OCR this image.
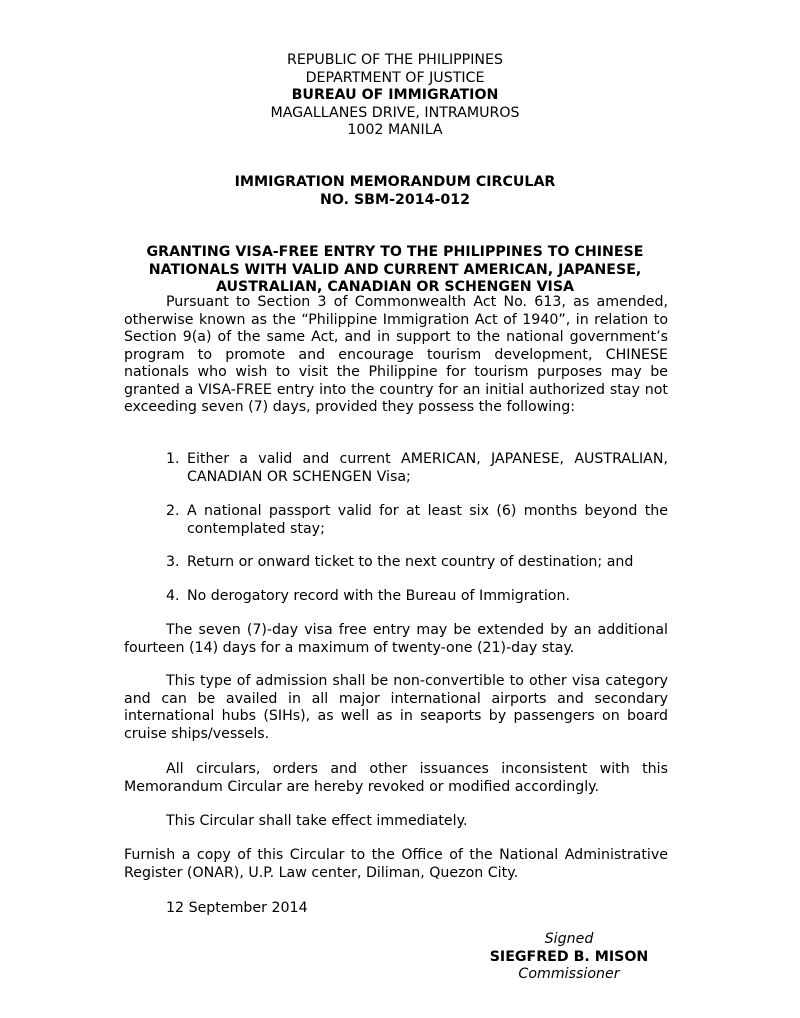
REPUBLIC OF THE PHILIPPINES
DEPARTMENT OF JUSTICE
BUREAU OF IMMIGRATION
MAGALLANES DRIVE, INTRAMUROS
1002 MANILA
IMMIGRATION MEMORANDUM CIRCULAR
NO. SBM-2014-012
GRANTING VISA-FREE ENTRY TO THE PHILIPPINES TO CHINESE
NATIONALS WITH VALID AND CURRENT AMERICAN, JAPANESE,
AUSTRALIAN, CANADIAN OR SCHENGEN VISA

Pursuant to Section 3 of Commonwealth Act No. 613, as amended, otherwise known as the “Philippine Immigration Act of 1940”, in relation to Section 9(a) of the same Act, and in support to the national government’s program to promote and encourage tourism development, CHINESE nationals who wish to visit the Philippine for tourism purposes may be granted a VISA-FREE entry into the country for an initial authorized stay not exceeding seven (7) days, provided they possess the following:

1. Either a valid and current AMERICAN, JAPANESE, AUSTRALIAN, CANADIAN OR SCHENGEN Visa;
2. A national passport valid for at least six (6) months beyond the contemplated stay;
3. Return or onward ticket to the next country of destination; and
4. No derogatory record with the Bureau of Immigration.

The seven (7)-day visa free entry may be extended by an additional fourteen (14) days for a maximum of twenty-one (21)-day stay.

This type of admission shall be non-convertible to other visa category and can be availed in all major international airports and secondary international hubs (SIHs), as well as in seaports by passengers on board cruise ships/vessels.

All circulars, orders and other issuances inconsistent with this Memorandum Circular are hereby revoked or modified accordingly.

This Circular shall take effect immediately.

Furnish a copy of this Circular to the Office of the National Administrative Register (ONAR), U.P. Law center, Diliman, Quezon City.

12 September 2014
Signed
SIEGFRED B. MISON
Commissioner
